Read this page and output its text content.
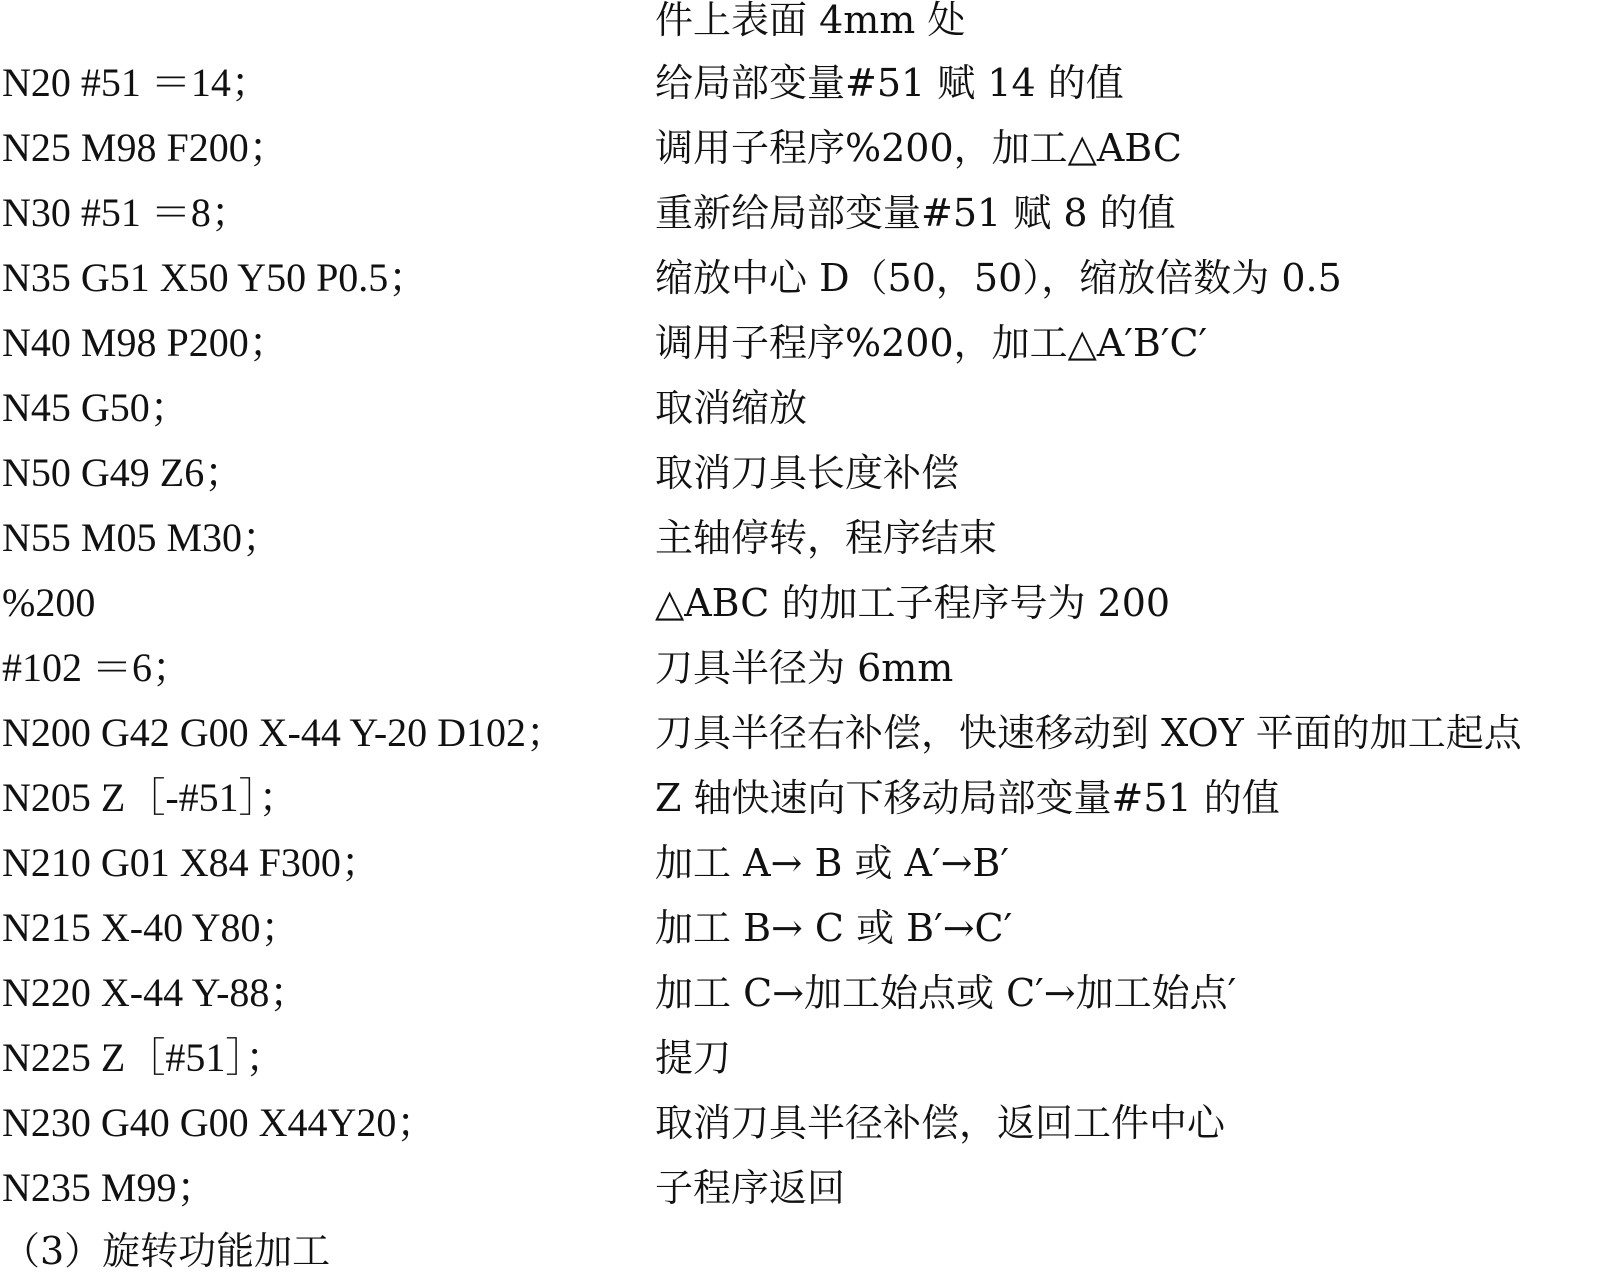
件上表面 4mm 处
N20 #51 ＝14；	给局部变量#51 赋 14 的值
N25 M98 F200；	调用子程序%200，加工△ABC
N30 #51 ＝8；	重新给局部变量#51 赋 8 的值
N35 G51 X50 Y50 P0.5；	缩放中心 D（50，50），缩放倍数为 0.5
N40 M98 P200；	调用子程序%200，加工△A′B′C′
N45 G50；	取消缩放
N50 G49 Z6；	取消刀具长度补偿
N55 M05 M30；	主轴停转，程序结束
%200	△ABC 的加工子程序号为 200
#102 ＝6；	刀具半径为 6mm
N200 G42 G00 X-44 Y-20 D102； 刀具半径右补偿，快速移动到 XOY 平面的加工起点
N205 Z［-#51］；	Z 轴快速向下移动局部变量#51 的值
N210 G01 X84 F300；	加工 A→ B 或 A′→B′
N215 X-40 Y80；	加工 B→ C 或 B′→C′
N220 X-44 Y-88；	加工 C→加工始点或 C′→加工始点′
N225 Z［#51］；	提刀
N230 G40 G00 X44Y20；	取消刀具半径补偿，返回工件中心
N235 M99；	子程序返回
（3）旋转功能加工
